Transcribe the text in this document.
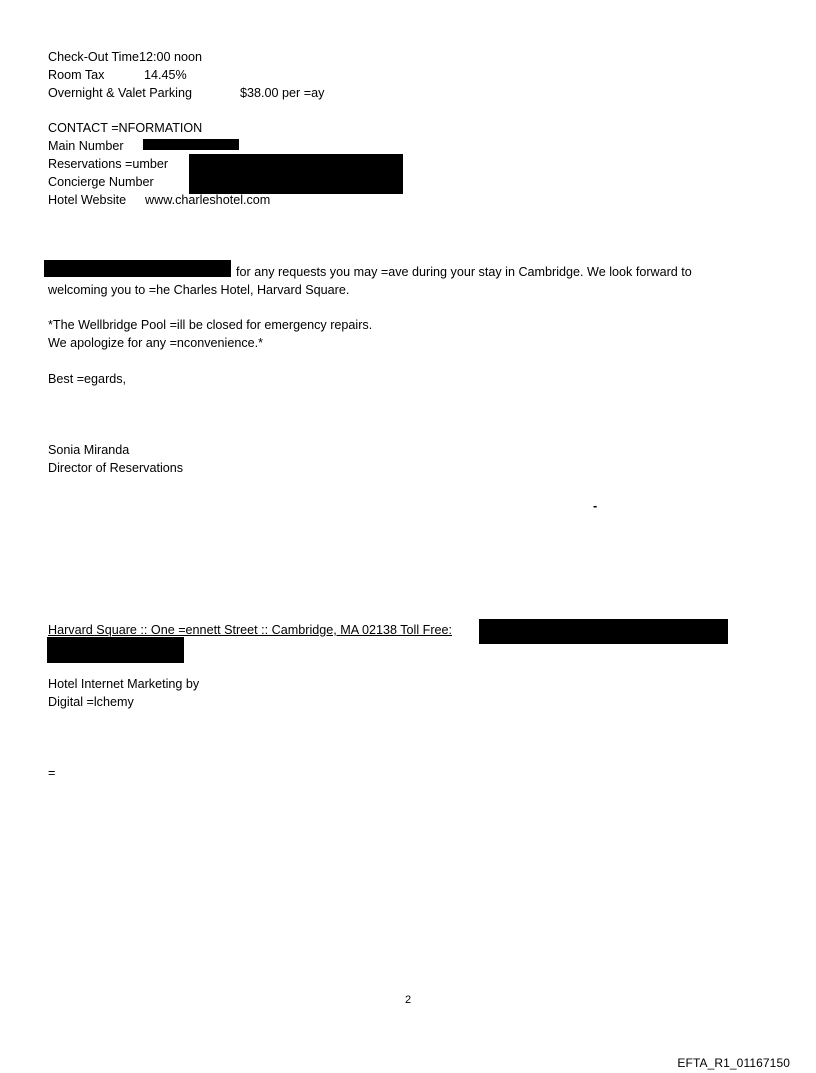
Check-Out Time12:00 noon
Room Tax	14.45%
Overnight & Valet Parking	$38.00 per =ay
CONTACT =NFORMATION
Main Number
Reservations =umber
Concierge Number
Hotel Website www.charleshotel.com
for any requests you may =ave during your stay in Cambridge. We look forward to
welcoming you to =he Charles Hotel, Harvard Square.
*The Wellbridge Pool =ill be closed for emergency repairs.
We apologize for any =nconvenience.*
Best =egards,
Sonia Miranda
Director of Reservations
-
Harvard Square :: One =ennett Street :: Cambridge, MA 02138 Toll Free:
Hotel Internet Marketing by
Digital =lchemy
=
2
EFTA_R1_01167150
